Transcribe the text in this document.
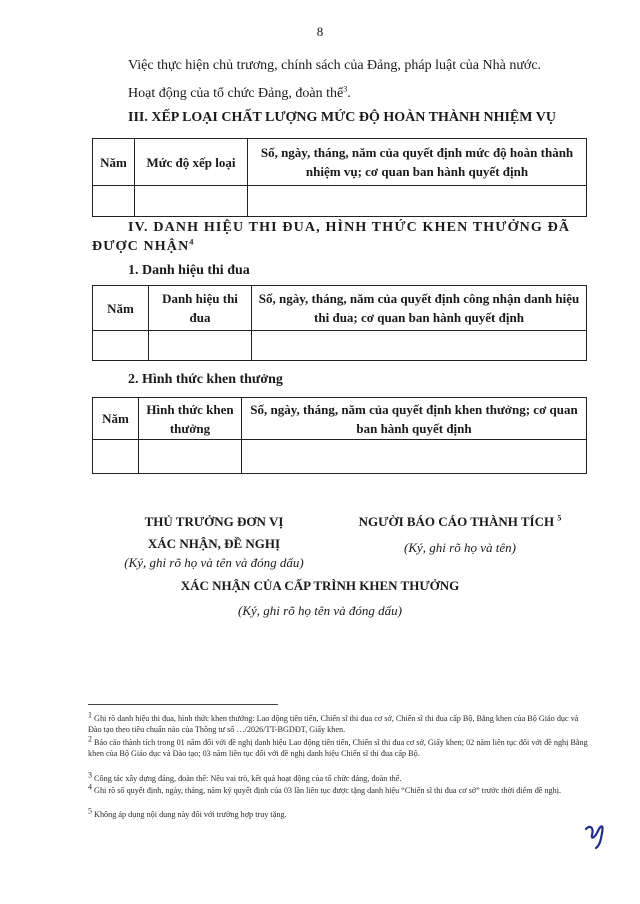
8
Việc thực hiện chủ trương, chính sách của Đảng, pháp luật của Nhà nước.
Hoạt động của tổ chức Đảng, đoàn thể$^3$.
III. XẾP LOẠI CHẤT LƯỢNG MỨC ĐỘ HOÀN THÀNH NHIỆM VỤ
Năm	Mức độ xếp loại	Số, ngày, tháng, năm của quyết định mức độ hoàn thành nhiệm vụ; cơ quan ban hành quyết định

IV. DANH HIỆU THI ĐUA, HÌNH THỨC KHEN THƯỞNG ĐÃ ĐƯỢC NHẬN$^4$
1. Danh hiệu thi đua
Năm	Danh hiệu thi đua	Số, ngày, tháng, năm của quyết định công nhận danh hiệu thi đua; cơ quan ban hành quyết định

2. Hình thức khen thưởng
Năm	Hình thức khen thưởng	Số, ngày, tháng, năm của quyết định khen thưởng; cơ quan ban hành quyết định

THỦ TRƯỞNG ĐƠN VỊ
XÁC NHẬN, ĐỀ NGHỊ
(Ký, ghi rõ họ và tên và đóng dấu)
NGƯỜI BÁO CÁO THÀNH TÍCH $^5$
(Ký, ghi rõ họ và tên)
XÁC NHẬN CỦA CẤP TRÌNH KHEN THƯỞNG
(Ký, ghi rõ họ tên và đóng dấu)
$^1$ Ghi rõ danh hiệu thi đua, hình thức khen thưởng: Lao động tiên tiến, Chiến sĩ thi đua cơ sở, Chiến sĩ thi đua cấp Bộ, Bằng khen của Bộ Giáo dục và Đào tạo theo tiêu chuẩn nào của Thông tư số …/2026/TT-BGDĐT, Giấy khen.
$^2$ Báo cáo thành tích trong 01 năm đối với đề nghị danh hiệu Lao động tiên tiến, Chiến sĩ thi đua cơ sở, Giấy khen; 02 năm liên tục đối với đề nghị Bằng khen của Bộ Giáo dục và Đào tạo; 03 năm liên tục đối với đề nghị danh hiệu Chiến sĩ thi đua cấp Bộ.
$^3$ Công tác xây dựng đảng, đoàn thể: Nêu vai trò, kết quả hoạt động của tổ chức đảng, đoàn thể.
$^4$ Ghi rõ số quyết định, ngày, tháng, năm ký quyết định của 03 lần liên tục được tặng danh hiệu “Chiến sĩ thi đua cơ sở” trước thời điểm đề nghị.
$^5$ Không áp dụng nội dung này đối với trường hợp truy tặng.
